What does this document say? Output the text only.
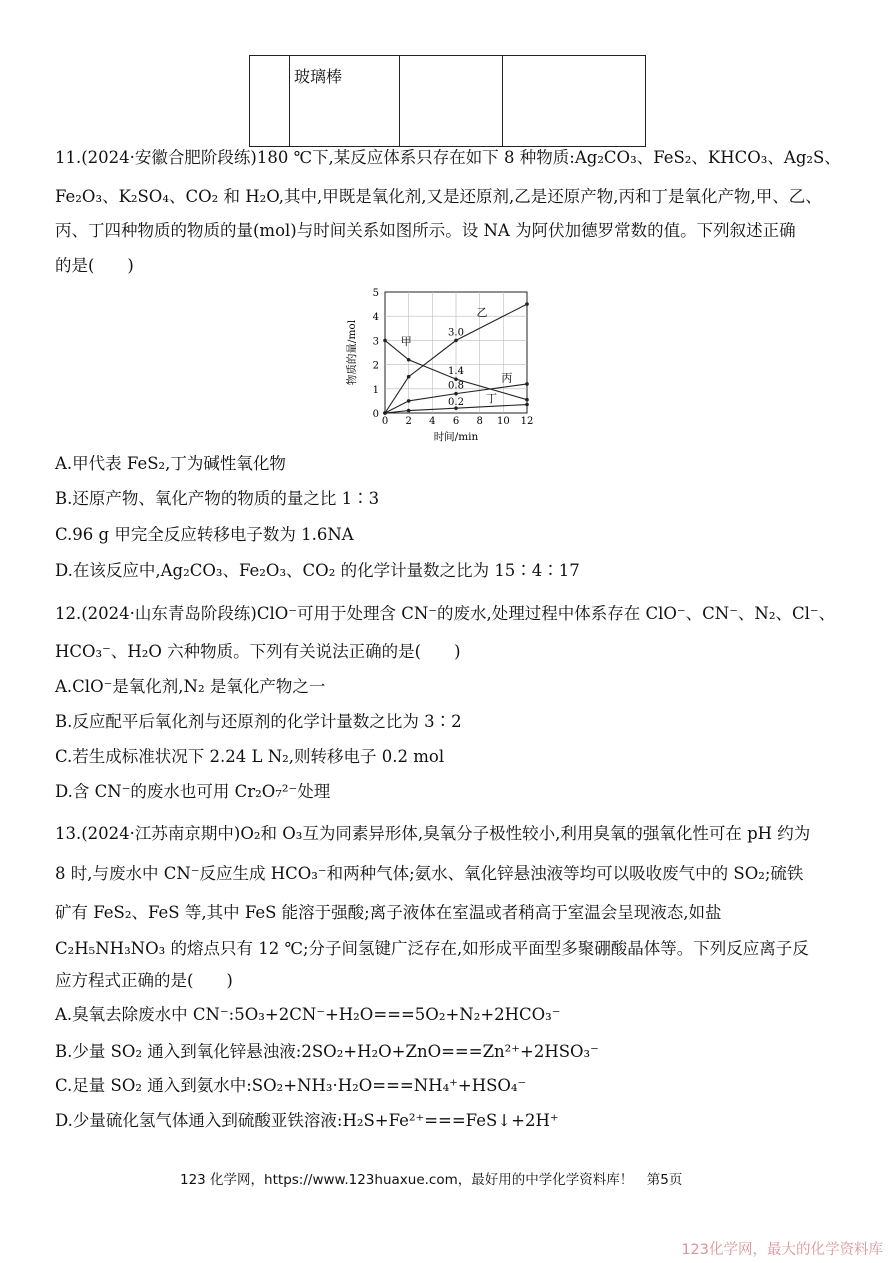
	玻璃棒		
11.(2024·安徽合肥阶段练)180 ℃下,某反应体系只存在如下 8 种物质:Ag₂CO₃、FeS₂、KHCO₃、Ag₂S、
Fe₂O₃、K₂SO₄、CO₂ 和 H₂O,其中,甲既是氧化剂,又是还原剂,乙是还原产物,丙和丁是氧化产物,甲、乙、
丙、丁四种物质的物质的量(mol)与时间关系如图所示。设 NA 为阿伏加德罗常数的值。下列叙述正确
的是(　　)
0 2 4 6 8 10 12
0
1
2
3
4
5
时间/min
物质的量/mol	甲
乙
丙
丁
3.0
1.4
0.8
0.2
A.甲代表 FeS₂,丁为碱性氧化物
B.还原产物、氧化产物的物质的量之比 1∶3
C.96 g 甲完全反应转移电子数为 1.6NA
D.在该反应中,Ag₂CO₃、Fe₂O₃、CO₂ 的化学计量数之比为 15∶4∶17
12.(2024·山东青岛阶段练)ClO⁻可用于处理含 CN⁻的废水,处理过程中体系存在 ClO⁻、CN⁻、N₂、Cl⁻、
HCO₃⁻、H₂O 六种物质。下列有关说法正确的是(　　)
A.ClO⁻是氧化剂,N₂ 是氧化产物之一
B.反应配平后氧化剂与还原剂的化学计量数之比为 3∶2
C.若生成标准状况下 2.24 L N₂,则转移电子 0.2 mol
D.含 CN⁻的废水也可用 Cr₂O₇²⁻处理
13.(2024·江苏南京期中)O₂和 O₃互为同素异形体,臭氧分子极性较小,利用臭氧的强氧化性可在 pH 约为
8 时,与废水中 CN⁻反应生成 HCO₃⁻和两种气体;氨水、氧化锌悬浊液等均可以吸收废气中的 SO₂;硫铁
矿有 FeS₂、FeS 等,其中 FeS 能溶于强酸;离子液体在室温或者稍高于室温会呈现液态,如盐
C₂H₅NH₃NO₃ 的熔点只有 12 ℃;分子间氢键广泛存在,如形成平面型多聚硼酸晶体等。下列反应离子反
应方程式正确的是(　　)
A.臭氧去除废水中 CN⁻:5O₃+2CN⁻+H₂O===5O₂+N₂+2HCO₃⁻
B.少量 SO₂ 通入到氧化锌悬浊液:2SO₂+H₂O+ZnO===Zn²⁺+2HSO₃⁻
C.足量 SO₂ 通入到氨水中:SO₂+NH₃·H₂O===NH₄⁺+HSO₄⁻
D.少量硫化氢气体通入到硫酸亚铁溶液:H₂S+Fe²⁺===FeS↓+2H⁺
123 化学网，https://www.123huaxue.com，最好用的中学化学资料库！　第5页
123化学网，最大的化学资料库
